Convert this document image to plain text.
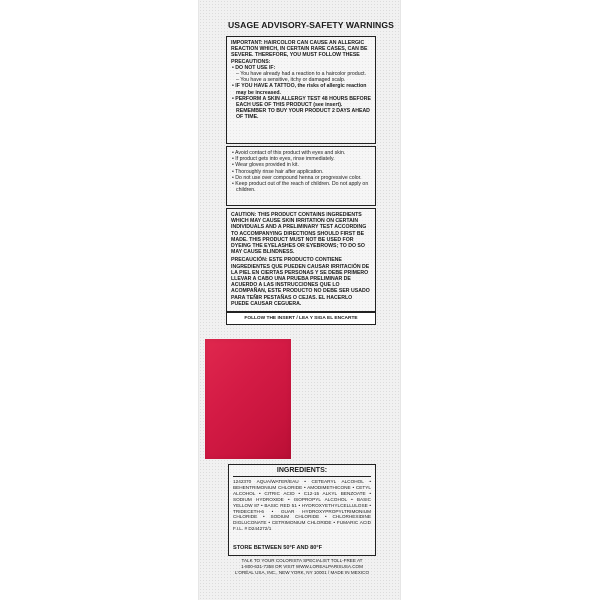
USAGE ADVISORY-SAFETY WARNINGS

IMPORTANT: HAIRCOLOR CAN CAUSE AN ALLERGIC REACTION WHICH, IN CERTAIN RARE CASES, CAN BE SEVERE. THEREFORE, YOU MUST FOLLOW THESE PRECAUTIONS:

• DO NOT USE IF:

– You have already had a reaction to a haircolor product.

– You have a sensitive, itchy or damaged scalp.

• IF YOU HAVE A TATTOO, the risks of allergic reaction may be increased.

• PERFORM A SKIN ALLERGY TEST 48 HOURS BEFORE EACH USE OF THIS PRODUCT (see insert). REMEMBER TO BUY YOUR PRODUCT 2 DAYS AHEAD OF TIME.

• Avoid contact of this product with eyes and skin.

• If product gets into eyes, rinse immediately.

• Wear gloves provided in kit.

• Thoroughly rinse hair after application.

• Do not use over compound henna or progressive color.

• Keep product out of the reach of children. Do not apply on children.

CAUTION: THIS PRODUCT CONTAINS INGREDIENTS WHICH MAY CAUSE SKIN IRRITATION ON CERTAIN INDIVIDUALS AND A PRELIMINARY TEST ACCORDING TO ACCOMPANYING DIRECTIONS SHOULD FIRST BE MADE. THIS PRODUCT MUST NOT BE USED FOR DYEING THE EYELASHES OR EYEBROWS; TO DO SO MAY CAUSE BLINDNESS.

PRECAUCIÓN: ESTE PRODUCTO CONTIENE INGREDIENTES QUE PUEDEN CAUSAR IRRITACIÓN DE LA PIEL EN CIERTAS PERSONAS Y SE DEBE PRIMERO LLEVAR A CABO UNA PRUEBA PRELIMINAR DE ACUERDO A LAS INSTRUCCIONES QUE LO ACOMPAÑAN, ESTE PRODUCTO NO DEBE SER USADO PARA TEÑIR PESTAÑAS O CEJAS. EL HACERLO PUEDE CAUSAR CEGUERA.

FOLLOW THE INSERT / LEA Y SIGA EL ENCARTE
INGREDIENTS:
1242370 AQUA/WATER/EAU • CETEARYL ALCOHOL • BEHENTRIMONIUM CHLORIDE • AMODIMETHICONE • CETYL ALCOHOL • CITRIC ACID • C12-15 ALKYL BENZOATE • SODIUM HYDROXIDE • ISOPROPYL ALCOHOL • BASIC YELLOW 87 • BASIC RED 51 • HYDROXYETHYLCELLULOSE • TRIDECETH-6 • GUAR HYDROXYPROPYLTRIMONIUM CHLORIDE • SODIUM CHLORIDE • CHLORHEXIDINE DIGLUCONATE • CETRIMONIUM CHLORIDE • FUMARIC ACID F.I.L. # D244272/1
STORE BETWEEN 50°F AND 80°F
TALK TO YOUR COLORISTA SPECIALIST TOLL-FREE AT
1-800-631-7358 OR VISIT WWW.LOREALPARISUSA.COM
L'ORÉAL USA, INC., NEW YORK, NY 10001 / MADE IN MEXICO
